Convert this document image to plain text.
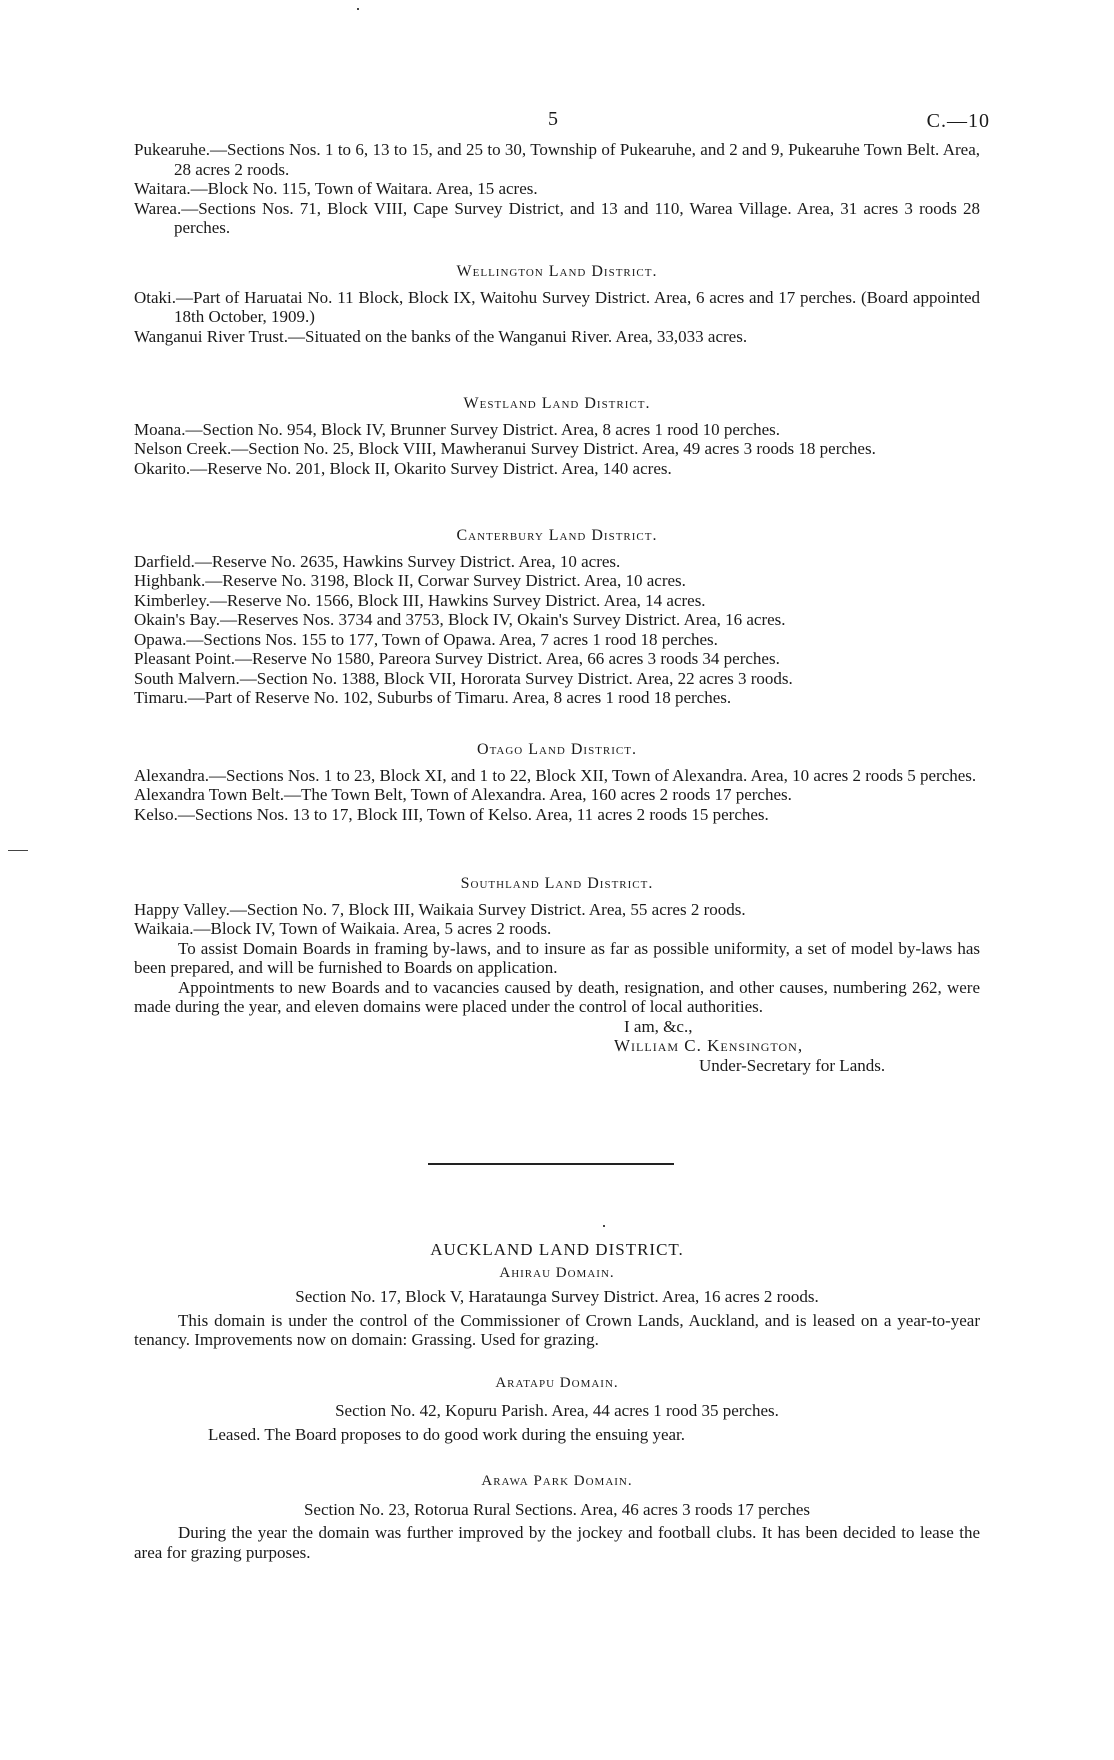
5	C.—10

Pukearuhe.—Sections Nos. 1 to 6, 13 to 15, and 25 to 30, Township of Pukearuhe, and 2 and 9, Pukearuhe Town Belt. Area, 28 acres 2 roods.

Waitara.—Block No. 115, Town of Waitara. Area, 15 acres.

Warea.—Sections Nos. 71, Block VIII, Cape Survey District, and 13 and 110, Warea Village. Area, 31 acres 3 roods 28 perches.

Wellington Land District.

Otaki.—Part of Haruatai No. 11 Block, Block IX, Waitohu Survey District. Area, 6 acres and 17 perches. (Board appointed 18th October, 1909.)

Wanganui River Trust.—Situated on the banks of the Wanganui River. Area, 33,033 acres.

Westland Land District.

Moana.—Section No. 954, Block IV, Brunner Survey District. Area, 8 acres 1 rood 10 perches.

Nelson Creek.—Section No. 25, Block VIII, Mawheranui Survey District. Area, 49 acres 3 roods 18 perches.

Okarito.—Reserve No. 201, Block II, Okarito Survey District. Area, 140 acres.

Canterbury Land District.

Darfield.—Reserve No. 2635, Hawkins Survey District. Area, 10 acres.

Highbank.—Reserve No. 3198, Block II, Corwar Survey District. Area, 10 acres.

Kimberley.—Reserve No. 1566, Block III, Hawkins Survey District. Area, 14 acres.

Okain's Bay.—Reserves Nos. 3734 and 3753, Block IV, Okain's Survey District. Area, 16 acres.

Opawa.—Sections Nos. 155 to 177, Town of Opawa. Area, 7 acres 1 rood 18 perches.

Pleasant Point.—Reserve No 1580, Pareora Survey District. Area, 66 acres 3 roods 34 perches.

South Malvern.—Section No. 1388, Block VII, Hororata Survey District. Area, 22 acres 3 roods.

Timaru.—Part of Reserve No. 102, Suburbs of Timaru. Area, 8 acres 1 rood 18 perches.

Otago Land District.

Alexandra.—Sections Nos. 1 to 23, Block XI, and 1 to 22, Block XII, Town of Alexandra. Area, 10 acres 2 roods 5 perches.

Alexandra Town Belt.—The Town Belt, Town of Alexandra. Area, 160 acres 2 roods 17 perches.

Kelso.—Sections Nos. 13 to 17, Block III, Town of Kelso. Area, 11 acres 2 roods 15 perches.

Southland Land District.

Happy Valley.—Section No. 7, Block III, Waikaia Survey District. Area, 55 acres 2 roods.

Waikaia.—Block IV, Town of Waikaia. Area, 5 acres 2 roods.

To assist Domain Boards in framing by-laws, and to insure as far as possible uniformity, a set of model by-laws has been prepared, and will be furnished to Boards on application.

Appointments to new Boards and to vacancies caused by death, resignation, and other causes, numbering 262, were made during the year, and eleven domains were placed under the control of local authorities.

I am, &c.,

William C. Kensington,

Under-Secretary for Lands.

AUCKLAND LAND DISTRICT.

Ahirau Domain.

Section No. 17, Block V, Harataunga Survey District. Area, 16 acres 2 roods.

This domain is under the control of the Commissioner of Crown Lands, Auckland, and is leased on a year-to-year tenancy. Improvements now on domain: Grassing. Used for grazing.

Aratapu Domain.

Section No. 42, Kopuru Parish. Area, 44 acres 1 rood 35 perches.

Leased. The Board proposes to do good work during the ensuing year.

Arawa Park Domain.

Section No. 23, Rotorua Rural Sections. Area, 46 acres 3 roods 17 perches

During the year the domain was further improved by the jockey and football clubs. It has been decided to lease the area for grazing purposes.
